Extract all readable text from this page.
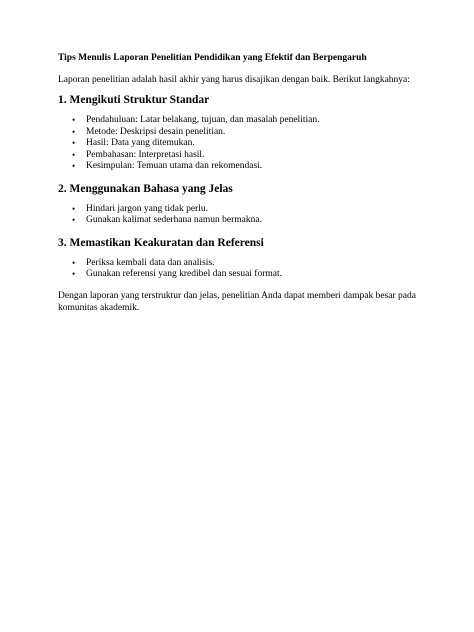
Tips Menulis Laporan Penelitian Pendidikan yang Efektif dan Berpengaruh
Laporan penelitian adalah hasil akhir yang harus disajikan dengan baik. Berikut langkahnya:
1. Mengikuti Struktur Standar
• Pendahuluan: Latar belakang, tujuan, dan masalah penelitian.
• Metode: Deskripsi desain penelitian.
• Hasil: Data yang ditemukan.
• Pembahasan: Interpretasi hasil.
• Kesimpulan: Temuan utama dan rekomendasi.
2. Menggunakan Bahasa yang Jelas
• Hindari jargon yang tidak perlu.
• Gunakan kalimat sederhana namun bermakna.
3. Memastikan Keakuratan dan Referensi
• Periksa kembali data dan analisis.
• Gunakan referensi yang kredibel dan sesuai format.
Dengan laporan yang terstruktur dan jelas, penelitian Anda dapat memberi dampak besar pada komunitas akademik.
